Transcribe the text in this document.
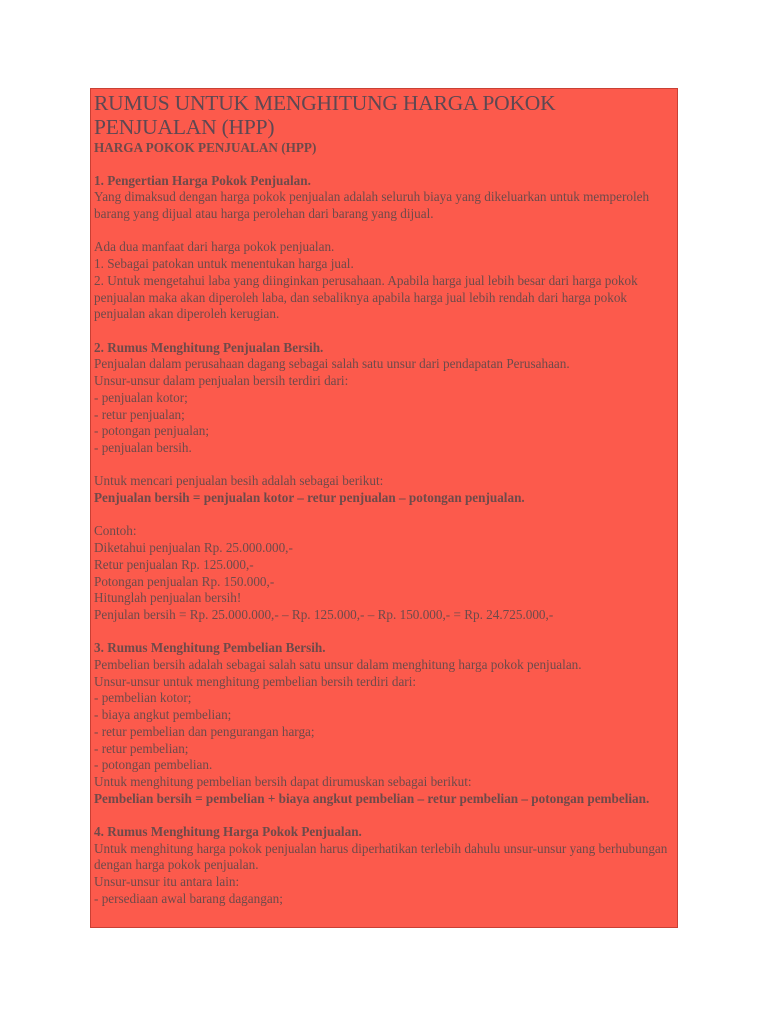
RUMUS UNTUK MENGHITUNG HARGA POKOK PENJUALAN (HPP)

HARGA POKOK PENJUALAN (HPP)

1. Pengertian Harga Pokok Penjualan.

Yang dimaksud dengan harga pokok penjualan adalah seluruh biaya yang dikeluarkan untuk memperoleh barang yang dijual atau harga perolehan dari barang yang dijual.

Ada dua manfaat dari harga pokok penjualan.

1. Sebagai patokan untuk menentukan harga jual.

2. Untuk mengetahui laba yang diinginkan perusahaan. Apabila harga jual lebih besar dari harga pokok penjualan maka akan diperoleh laba, dan sebaliknya apabila harga jual lebih rendah dari harga pokok penjualan akan diperoleh kerugian.

2. Rumus Menghitung Penjualan Bersih.

Penjualan dalam perusahaan dagang sebagai salah satu unsur dari pendapatan Perusahaan.

Unsur-unsur dalam penjualan bersih terdiri dari:

- penjualan kotor;

- retur penjualan;

- potongan penjualan;

- penjualan bersih.

Untuk mencari penjualan besih adalah sebagai berikut:

Penjualan bersih = penjualan kotor – retur penjualan – potongan penjualan.

Contoh:

Diketahui penjualan Rp. 25.000.000,-

Retur penjualan Rp. 125.000,-

Potongan penjualan Rp. 150.000,-

Hitunglah penjualan bersih!

Penjulan bersih = Rp. 25.000.000,- – Rp. 125.000,- – Rp. 150.000,- = Rp. 24.725.000,-

3. Rumus Menghitung Pembelian Bersih.

Pembelian bersih adalah sebagai salah satu unsur dalam menghitung harga pokok penjualan.

Unsur-unsur untuk menghitung pembelian bersih terdiri dari:

- pembelian kotor;

- biaya angkut pembelian;

- retur pembelian dan pengurangan harga;

- retur pembelian;

- potongan pembelian.

Untuk menghitung pembelian bersih dapat dirumuskan sebagai berikut:

Pembelian bersih = pembelian + biaya angkut pembelian – retur pembelian – potongan pembelian.

4. Rumus Menghitung Harga Pokok Penjualan.

Untuk menghitung harga pokok penjualan harus diperhatikan terlebih dahulu unsur-unsur yang berhubungan dengan harga pokok penjualan.

Unsur-unsur itu antara lain:

- persediaan awal barang dagangan;
